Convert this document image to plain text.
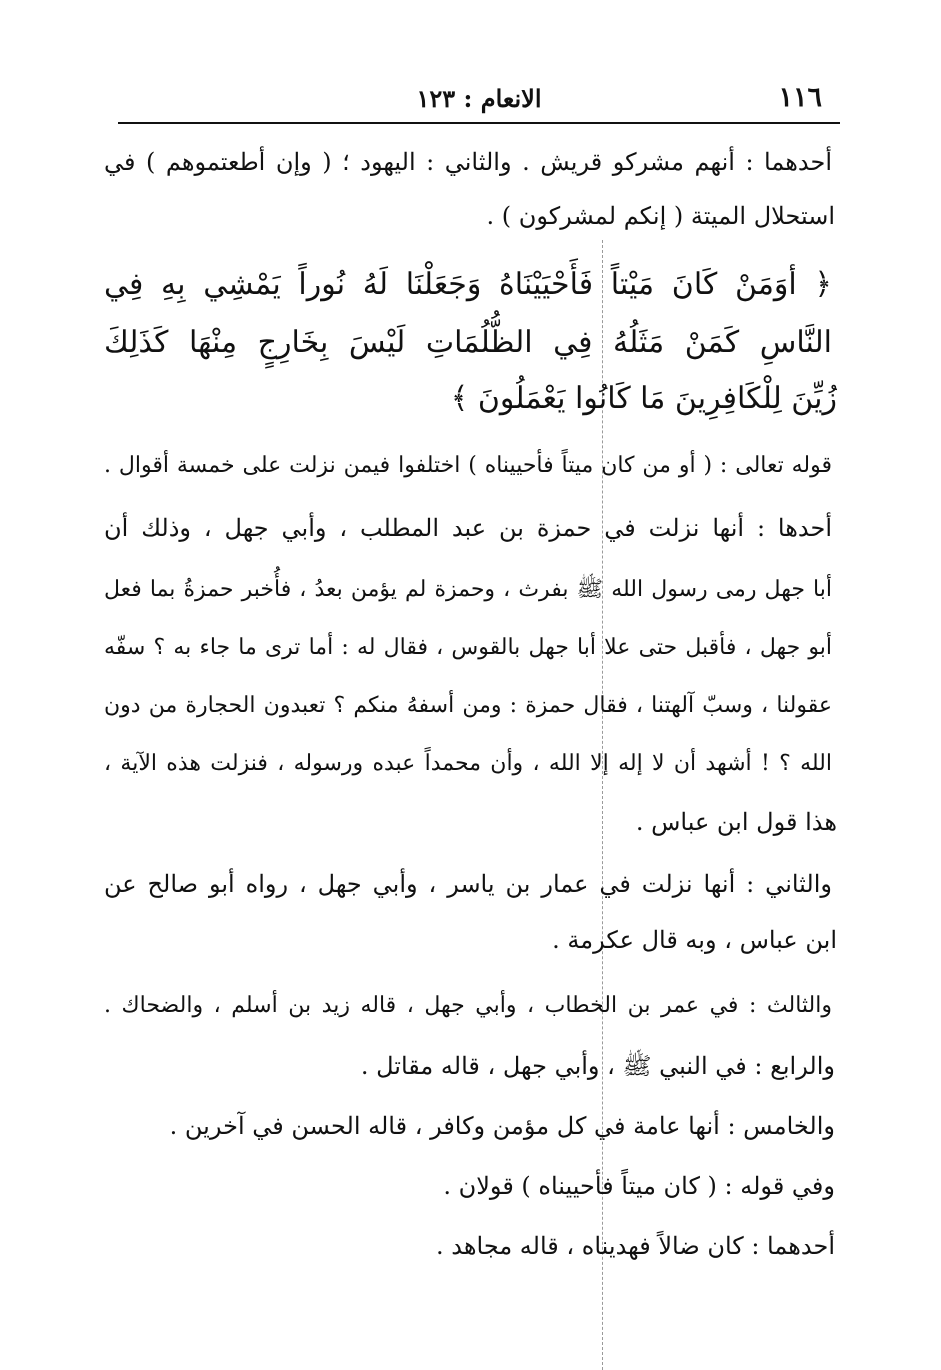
١١٦
الانعام : ١٢٣
أحدهما : أنهم مشركو قريش . والثاني : اليهود ؛ ( وإن أطعتموهم ) في
استحلال الميتة ( إنكم لمشركون ) .
﴿ أوَمَنْ كَانَ مَيْتاً فَأَحْيَيْنَاهُ وَجَعَلْنَا لَهُ نُوراً يَمْشِي بِهِ فِي
النَّاسِ كَمَنْ مَثَلُهُ فِي الظُّلُمَاتِ لَيْسَ بِخَارِجٍ مِنْهَا كَذَلِكَ
زُيِّنَ لِلْكَافِرِينَ مَا كَانُوا يَعْمَلُونَ ﴾
قوله تعالى : ( أو من كان ميتاً فأحييناه ) اختلفوا فيمن نزلت على خمسة أقوال .
أحدها : أنها نزلت في حمزة بن عبد المطلب ، وأبي جهل ، وذلك أن
أبا جهل رمى رسول الله ﷺ بفرث ، وحمزة لم يؤمن بعدُ ، فأُخبر حمزةُ بما فعل
أبو جهل ، فأقبل حتى علا أبا جهل بالقوس ، فقال له : أما ترى ما جاء به ؟ سفّه
عقولنا ، وسبّ آلهتنا ، فقال حمزة : ومن أسفهُ منكم ؟ تعبدون الحجارة من دون
الله ؟ ! أشهد أن لا إله إلا الله ، وأن محمداً عبده ورسوله ، فنزلت هذه الآية ،
هذا قول ابن عباس .
والثاني : أنها نزلت في عمار بن ياسر ، وأبي جهل ، رواه أبو صالح عن
ابن عباس ، وبه قال عكرمة .
والثالث : في عمر بن الخطاب ، وأبي جهل ، قاله زيد بن أسلم ، والضحاك .
والرابع : في النبي ﷺ ، وأبي جهل ، قاله مقاتل .
والخامس : أنها عامة في كل مؤمن وكافر ، قاله الحسن في آخرين .
وفي قوله : ( كان ميتاً فأحييناه ) قولان .
أحدهما : كان ضالاً فهديناه ، قاله مجاهد .
